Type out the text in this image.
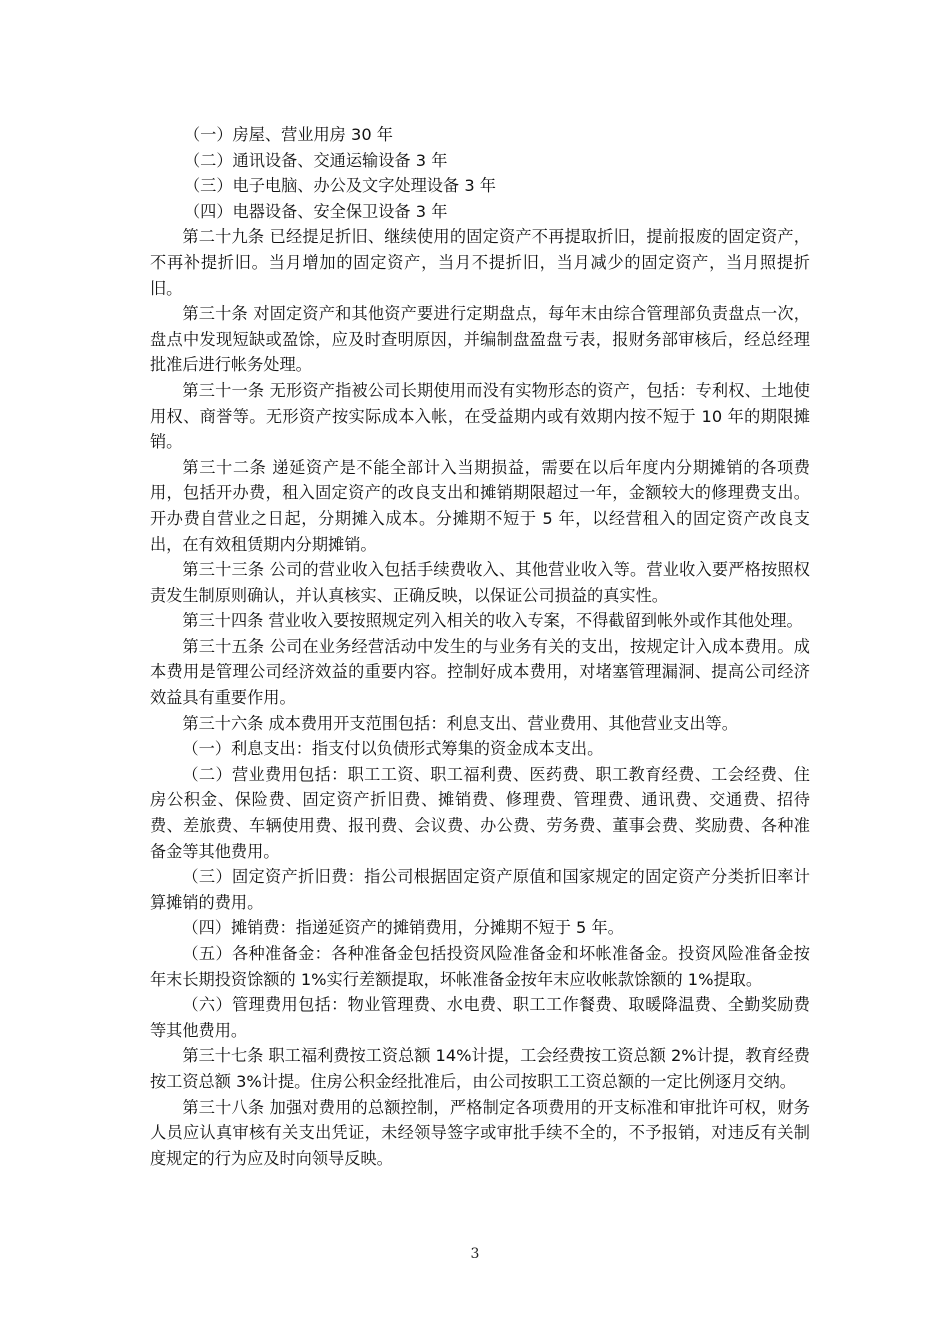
（一）房屋、营业用房 30 年

（二）通讯设备、交通运输设备 3 年

（三）电子电脑、办公及文字处理设备 3 年

（四）电器设备、安全保卫设备 3 年

第二十九条 已经提足折旧、继续使用的固定资产不再提取折旧，提前报废的固定资产，不再补提折旧。当月增加的固定资产，当月不提折旧，当月减少的固定资产，当月照提折旧。

第三十条 对固定资产和其他资产要进行定期盘点，每年末由综合管理部负责盘点一次，盘点中发现短缺或盈馀，应及时查明原因，并编制盘盈盘亏表，报财务部审核后，经总经理批准后进行帐务处理。

第三十一条 无形资产指被公司长期使用而没有实物形态的资产，包括：专利权、土地使用权、商誉等。无形资产按实际成本入帐，在受益期内或有效期内按不短于 10 年的期限摊销。

第三十二条 递延资产是不能全部计入当期损益，需要在以后年度内分期摊销的各项费用，包括开办费，租入固定资产的改良支出和摊销期限超过一年，金额较大的修理费支出。开办费自营业之日起，分期摊入成本。分摊期不短于 5 年，以经营租入的固定资产改良支出，在有效租赁期内分期摊销。

第三十三条 公司的营业收入包括手续费收入、其他营业收入等。营业收入要严格按照权责发生制原则确认，并认真核实、正确反映，以保证公司损益的真实性。

第三十四条 营业收入要按照规定列入相关的收入专案，不得截留到帐外或作其他处理。

第三十五条 公司在业务经营活动中发生的与业务有关的支出，按规定计入成本费用。成本费用是管理公司经济效益的重要内容。控制好成本费用，对堵塞管理漏洞、提高公司经济效益具有重要作用。

第三十六条 成本费用开支范围包括：利息支出、营业费用、其他营业支出等。

（一）利息支出：指支付以负债形式筹集的资金成本支出。

（二）营业费用包括：职工工资、职工福利费、医药费、职工教育经费、工会经费、住房公积金、保险费、固定资产折旧费、摊销费、修理费、管理费、通讯费、交通费、招待费、差旅费、车辆使用费、报刊费、会议费、办公费、劳务费、董事会费、奖励费、各种准备金等其他费用。

（三）固定资产折旧费：指公司根据固定资产原值和国家规定的固定资产分类折旧率计算摊销的费用。

（四）摊销费：指递延资产的摊销费用，分摊期不短于 5 年。

（五）各种准备金：各种准备金包括投资风险准备金和坏帐准备金。投资风险准备金按年末长期投资馀额的 1%实行差额提取，坏帐准备金按年末应收帐款馀额的 1%提取。

（六）管理费用包括：物业管理费、水电费、职工工作餐费、取暖降温费、全勤奖励费等其他费用。

第三十七条 职工福利费按工资总额 14%计提，工会经费按工资总额 2%计提，教育经费按工资总额 3%计提。住房公积金经批准后，由公司按职工工资总额的一定比例逐月交纳。

第三十八条 加强对费用的总额控制，严格制定各项费用的开支标准和审批许可权，财务人员应认真审核有关支出凭证，未经领导签字或审批手续不全的，不予报销，对违反有关制度规定的行为应及时向领导反映。

3
